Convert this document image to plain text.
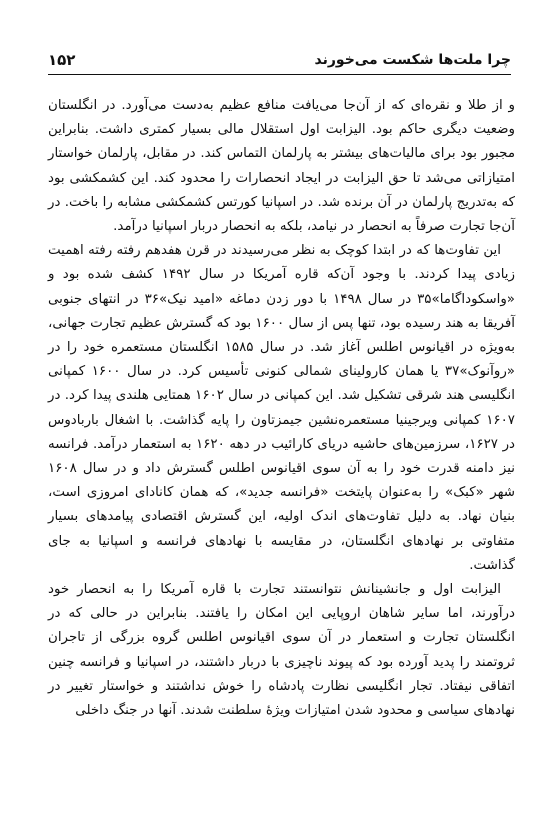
چرا ملت‌ها شکست می‌خورند
۱۵۲

و از طلا و نقره‌ای که از آن‌جا می‌یافت منافع عظیم به‌دست می‌آورد. در انگلستان وضعیت دیگری حاکم بود. الیزابت اول استقلال مالی بسیار کمتری داشت. بنابراین مجبور بود برای مالیات‌های بیشتر به پارلمان التماس کند. در مقابل، پارلمان خواستار امتیازاتی می‌شد تا حق الیزابت در ایجاد انحصارات را محدود کند. این کشمکشی بود که به‌تدریج پارلمان در آن برنده شد. در اسپانیا کورتس کشمکشی مشابه را باخت. در آن‌جا تجارت صرفاً به انحصار در نیامد، بلکه به انحصار دربار اسپانیا درآمد.

این تفاوت‌ها که در ابتدا کوچک به نظر می‌رسیدند در قرن هفدهم رفته رفته اهمیت زیادی پیدا کردند. با وجود آن‌که قاره آمریکا در سال ۱۴۹۲ کشف شده بود و «واسکوداگاما»۳۵ در سال ۱۴۹۸ با دور زدن دماغه «امید نیک»۳۶ در انتهای جنوبی آفریقا به هند رسیده بود، تنها پس از سال ۱۶۰۰ بود که گسترش عظیم تجارت جهانی، به‌ویژه در اقیانوس اطلس آغاز شد. در سال ۱۵۸۵ انگلستان مستعمره خود را در «روآنوک»۳۷ یا همان کارولینای شمالی کنونی تأسیس کرد. در سال ۱۶۰۰ کمپانی انگلیسی هند شرقی تشکیل شد. این کمپانی در سال ۱۶۰۲ همتایی هلندی پیدا کرد. در ۱۶۰۷ کمپانی ویرجینیا مستعمره‌نشین جیمزتاون را پایه گذاشت. با اشغال باربادوس در ۱۶۲۷، سرزمین‌های حاشیه دریای کارائیب در دهه ۱۶۲۰ به استعمار درآمد. فرانسه نیز دامنه قدرت خود را به آن سوی اقیانوس اطلس گسترش داد و در سال ۱۶۰۸ شهر «کبک» را به‌عنوان پایتخت «فرانسه جدید»، که همان کانادای امروزی است، بنیان نهاد. به دلیل تفاوت‌های اندک اولیه، این گسترش اقتصادی پیامدهای بسیار متفاوتی بر نهادهای انگلستان، در مقایسه با نهادهای فرانسه و اسپانیا به جای گذاشت.

الیزابت اول و جانشینانش نتوانستند تجارت با قاره آمریکا را به انحصار خود درآورند، اما سایر شاهان اروپایی این امکان را یافتند. بنابراین در حالی که در انگلستان تجارت و استعمار در آن سوی اقیانوس اطلس گروه بزرگی از تاجران ثروتمند را پدید آورده بود که پیوند ناچیزی با دربار داشتند، در اسپانیا و فرانسه چنین اتفاقی نیفتاد. تجار انگلیسی نظارت پادشاه را خوش نداشتند و خواستار تغییر در نهادهای سیاسی و محدود شدن امتیازات ویژهٔ سلطنت شدند. آنها در جنگ داخلی
